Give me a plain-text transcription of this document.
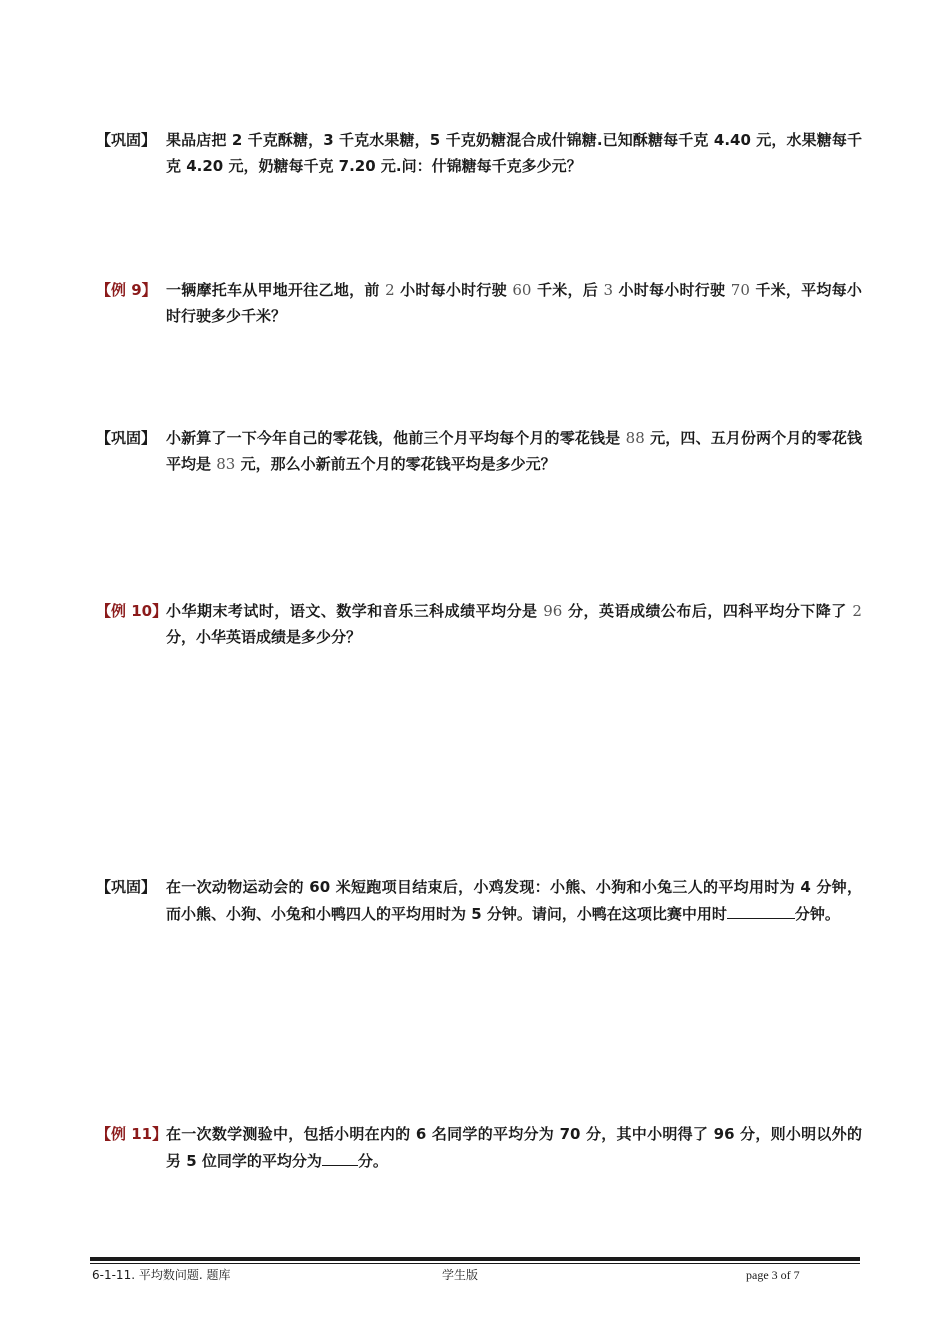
【巩固】 果品店把 2 千克酥糖，3 千克水果糖，5 千克奶糖混合成什锦糖.已知酥糖每千克 4.40 元，水果糖每千克 4.20 元，奶糖每千克 7.20 元.问：什锦糖每千克多少元？
【例 9】 一辆摩托车从甲地开往乙地，前 2 小时每小时行驶 60 千米，后 3 小时每小时行驶 70 千米，平均每小时行驶多少千米？
【巩固】 小新算了一下今年自己的零花钱，他前三个月平均每个月的零花钱是 88 元，四、五月份两个月的零花钱平均是 83 元，那么小新前五个月的零花钱平均是多少元？
【例 10】
小华期末考试时，语文、数学和音乐三科成绩平均分是 96 分，英语成绩公布后，四科平均分下降了 2 分，小华英语成绩是多少分？
【巩固】 在一次动物运动会的 60 米短跑项目结束后，小鸡发现：小熊、小狗和小兔三人的平均用时为 4 分钟，而小熊、小狗、小兔和小鸭四人的平均用时为 5 分钟。请问，小鸭在这项比赛中用时	分钟。
【例 11】
在一次数学测验中，包括小明在内的 6 名同学的平均分为 70 分，其中小明得了 96 分，则小明以外的另 5 位同学的平均分为 分。
6-1-11. 平均数问题. 题库	学生版	page 3 of 7
